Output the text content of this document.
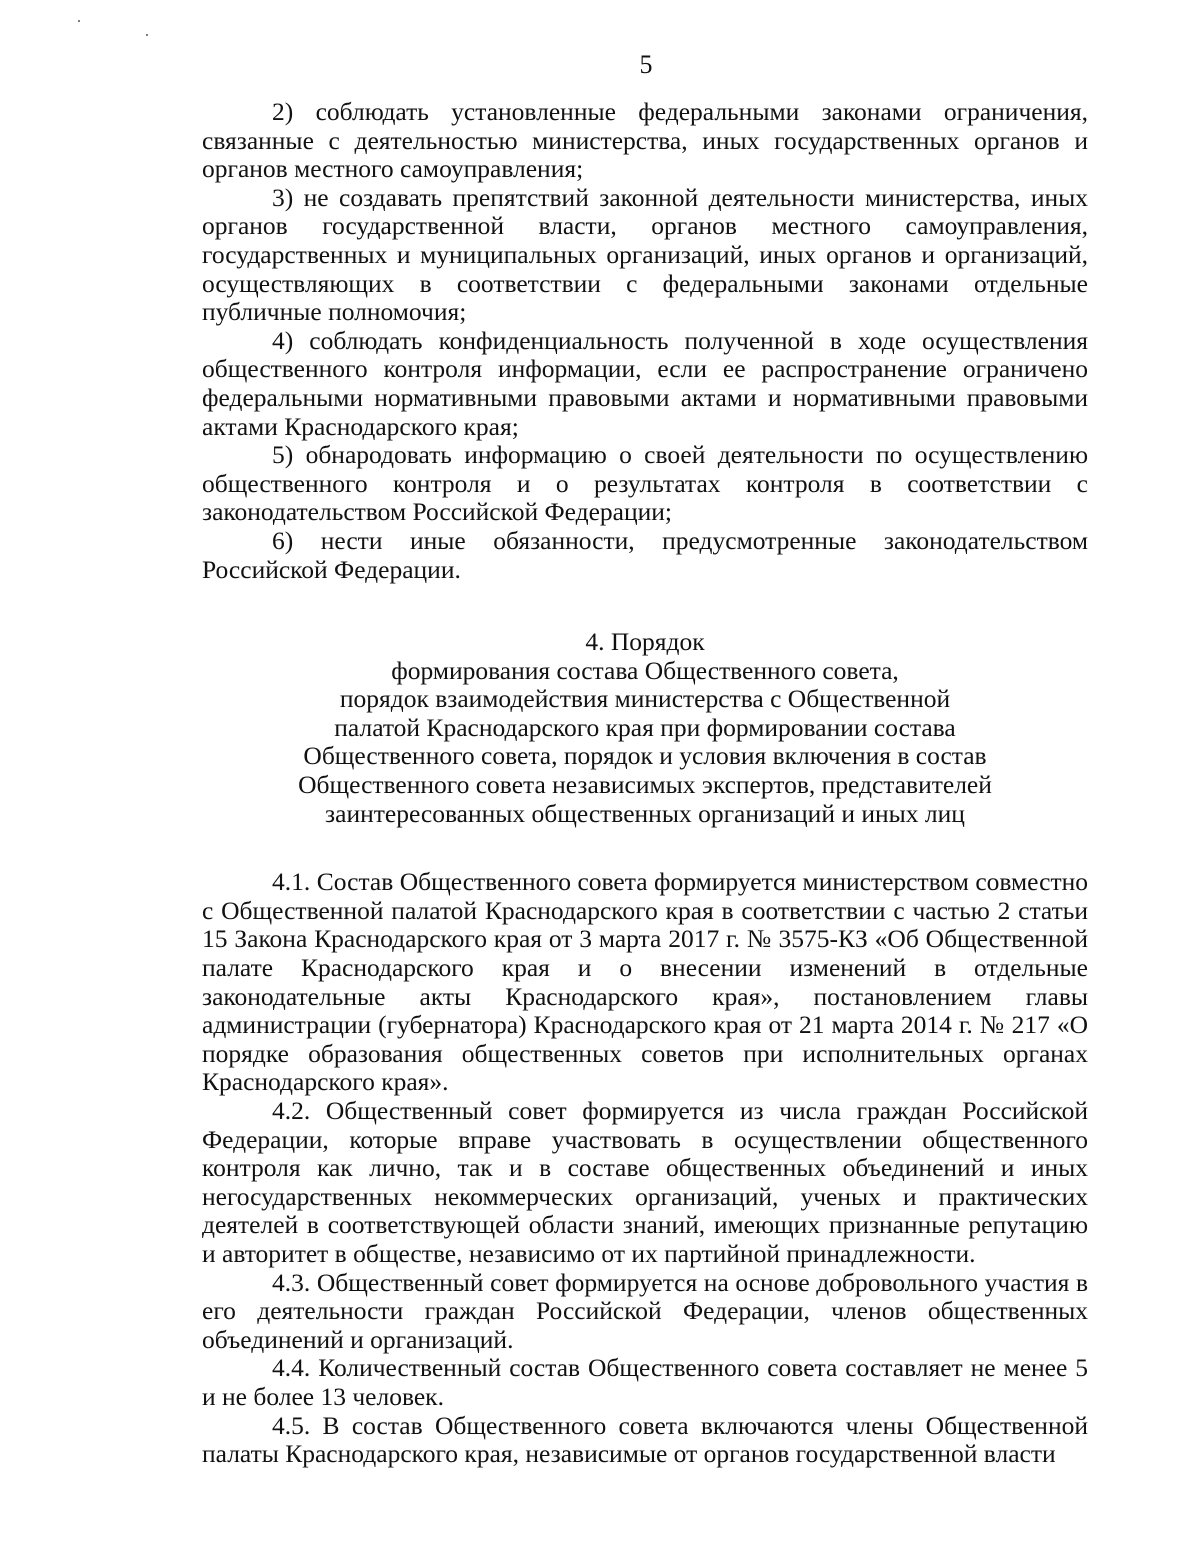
5

2) соблюдать установленные федеральными законами ограничения, связанные с деятельностью министерства, иных государственных органов и органов местного самоуправления;

3) не создавать препятствий законной деятельности министерства, иных органов государственной власти, органов местного самоуправления, государственных и муниципальных организаций, иных органов и организаций, осуществляющих в соответствии с федеральными законами отдельные публичные полномочия;

4) соблюдать конфиденциальность полученной в ходе осуществления общественного контроля информации, если ее распространение ограничено федеральными нормативными правовыми актами и нормативными правовыми актами Краснодарского края;

5) обнародовать информацию о своей деятельности по осуществлению общественного контроля и о результатах контроля в соответствии с законодательством Российской Федерации;

6) нести иные обязанности, предусмотренные законодательством Российской Федерации.

4. Порядок

формирования состава Общественного совета,

порядок взаимодействия министерства с Общественной

палатой Краснодарского края при формировании состава

Общественного совета, порядок и условия включения в состав

Общественного совета независимых экспертов, представителей

заинтересованных общественных организаций и иных лиц

4.1. Состав Общественного совета формируется министерством совместно с Общественной палатой Краснодарского края в соответствии с частью 2 статьи 15 Закона Краснодарского края от 3 марта 2017 г. № 3575-КЗ «Об Общественной палате Краснодарского края и о внесении изменений в отдельные законодательные акты Краснодарского края», постановлением главы администрации (губернатора) Краснодарского края от 21 марта 2014 г. № 217 «О порядке образования общественных советов при исполнительных органах Краснодарского края».

4.2. Общественный совет формируется из числа граждан Российской Федерации, которые вправе участвовать в осуществлении общественного контроля как лично, так и в составе общественных объединений и иных негосударственных некоммерческих организаций, ученых и практических деятелей в соответствующей области знаний, имеющих признанные репутацию и авторитет в обществе, независимо от их партийной принадлежности.

4.3. Общественный совет формируется на основе добровольного участия в его деятельности граждан Российской Федерации, членов общественных объединений и организаций.

4.4. Количественный состав Общественного совета составляет не менее 5 и не более 13 человек.

4.5. В состав Общественного совета включаются члены Общественной палаты Краснодарского края, независимые от органов государственной власти
